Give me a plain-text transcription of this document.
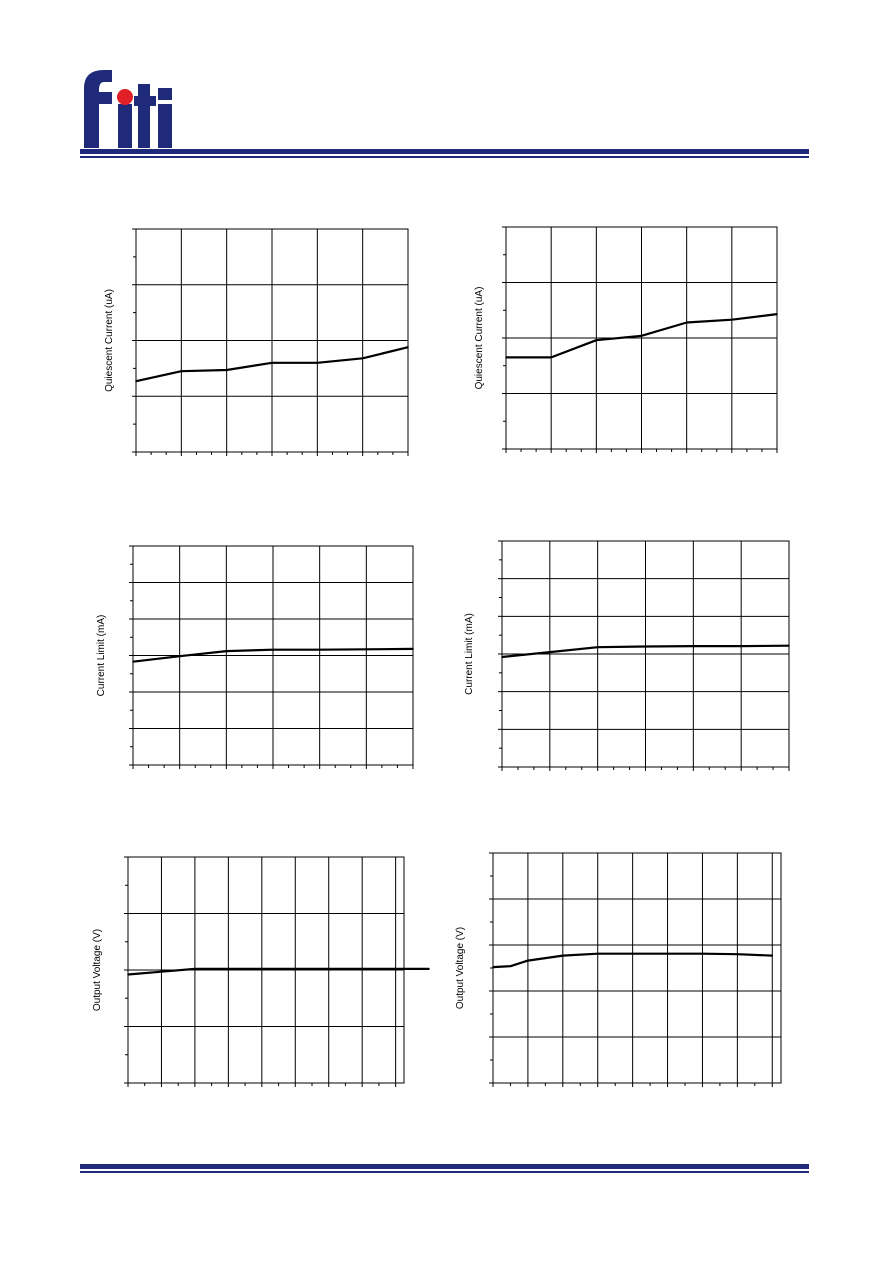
Quiescent Current (uA)	Quiescent Current (uA)
Current Limit (mA)	Current Limit (mA)
Output Voltage (V)	Output Voltage (V)
